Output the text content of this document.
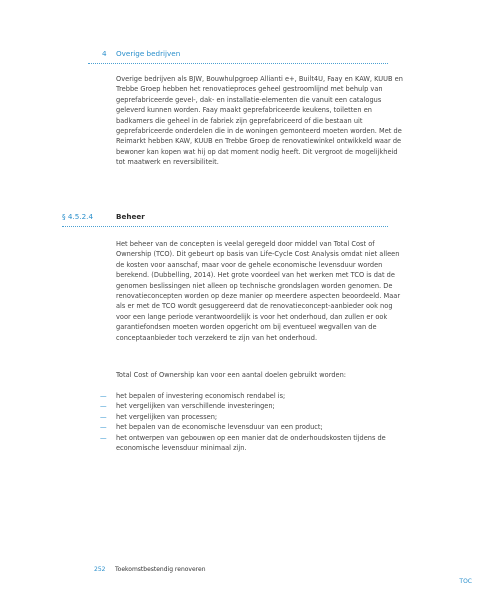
4 Overige bedrijven
Overige bedrijven als BJW, Bouwhulpgroep Allianti e+, Built4U, Faay en KAW, KUUB en Trebbe Groep hebben het renovatieproces geheel gestroomlijnd met behulp van geprefabriceerde gevel-, dak- en installatie-elementen die vanuit een catalogus geleverd kunnen worden. Faay maakt geprefabriceerde keukens, toiletten en badkamers die geheel in de fabriek zijn geprefabriceerd of die bestaan uit geprefabriceerde onderdelen die in de woningen gemonteerd moeten worden. Met de Reimarkt hebben KAW, KUUB en Trebbe Groep de renovatiewinkel ontwikkeld waar de bewoner kan kopen wat hij op dat moment nodig heeft. Dit vergroot de mogelijkheid tot maatwerk en reversibiliteit.
§ 4.5.2.4	Beheer
Het beheer van de concepten is veelal geregeld door middel van Total Cost of Ownership (TCO). Dit gebeurt op basis van Life-Cycle Cost Analysis omdat niet alleen de kosten voor aanschaf, maar voor de gehele economische levensduur worden berekend. (Dubbelling, 2014). Het grote voordeel van het werken met TCO is dat de genomen beslissingen niet alleen op technische grondslagen worden genomen. De renovatieconcepten worden op deze manier op meerdere aspecten beoordeeld. Maar als er met de TCO wordt gesuggereerd dat de renovatieconcept-aanbieder ook nog voor een lange periode verantwoordelijk is voor het onderhoud, dan zullen er ook garantiefondsen moeten worden opgericht om bij eventueel wegvallen van de conceptaanbieder toch verzekerd te zijn van het onderhoud.
Total Cost of Ownership kan voor een aantal doelen gebruikt worden:
— het bepalen of investering economisch rendabel is;
— het vergelijken van verschillende investeringen;
— het vergelijken van processen;
— het bepalen van de economische levensduur van een product;
— het ontwerpen van gebouwen op een manier dat de onderhoudskosten tijdens de economische levensduur minimaal zijn.
252 Toekomstbestendig renoveren
TOC
